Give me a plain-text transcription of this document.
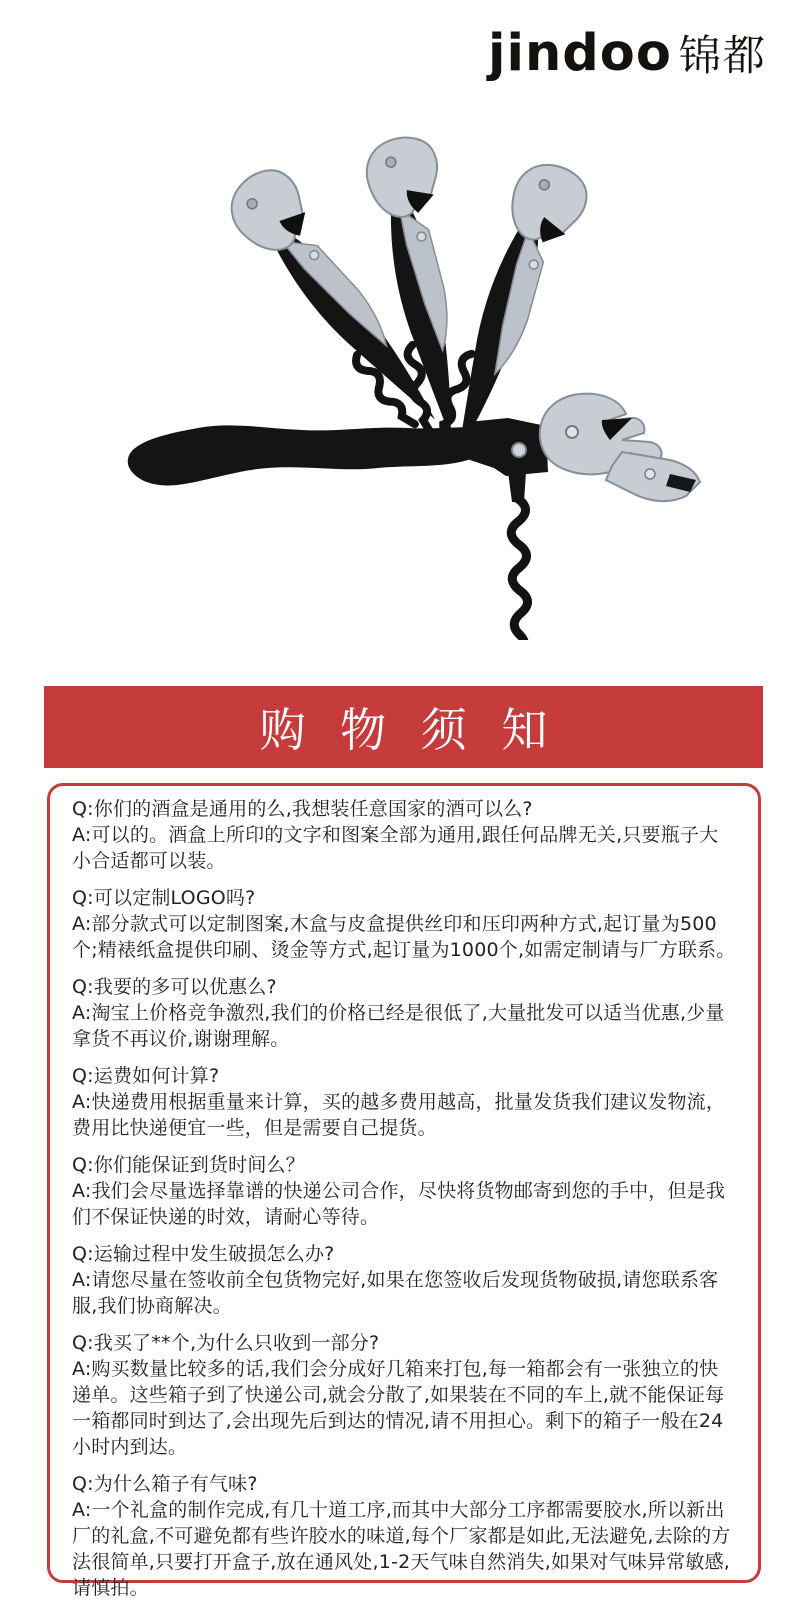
jindoo 锦都
购 物 须 知
Q:你们的酒盒是通用的么,我想装任意国家的酒可以么?
A:可以的。酒盒上所印的文字和图案全部为通用,跟任何品牌无关,只要瓶子大小合适都可以装。
Q:可以定制LOGO吗?
A:部分款式可以定制图案,木盒与皮盒提供丝印和压印两种方式,起订量为500个;精裱纸盒提供印刷、烫金等方式,起订量为1000个,如需定制请与厂方联系。
Q:我要的多可以优惠么?
A:淘宝上价格竞争激烈,我们的价格已经是很低了,大量批发可以适当优惠,少量拿货不再议价,谢谢理解。
Q:运费如何计算?
A:快递费用根据重量来计算，买的越多费用越高，批量发货我们建议发物流，费用比快递便宜一些，但是需要自己提货。
Q:你们能保证到货时间么？
A:我们会尽量选择靠谱的快递公司合作，尽快将货物邮寄到您的手中，但是我们不保证快递的时效，请耐心等待。
Q:运输过程中发生破损怎么办?
A:请您尽量在签收前全包货物完好,如果在您签收后发现货物破损,请您联系客服,我们协商解决。
Q:我买了**个,为什么只收到一部分?
A:购买数量比较多的话,我们会分成好几箱来打包,每一箱都会有一张独立的快递单。这些箱子到了快递公司,就会分散了,如果装在不同的车上,就不能保证每一箱都同时到达了,会出现先后到达的情况,请不用担心。剩下的箱子一般在24小时内到达。
Q:为什么箱子有气味?
A:一个礼盒的制作完成,有几十道工序,而其中大部分工序都需要胶水,所以新出厂的礼盒,不可避免都有些许胶水的味道,每个厂家都是如此,无法避免,去除的方法很简单,只要打开盒子,放在通风处,1-2天气味自然消失,如果对气味异常敏感,请慎拍。
